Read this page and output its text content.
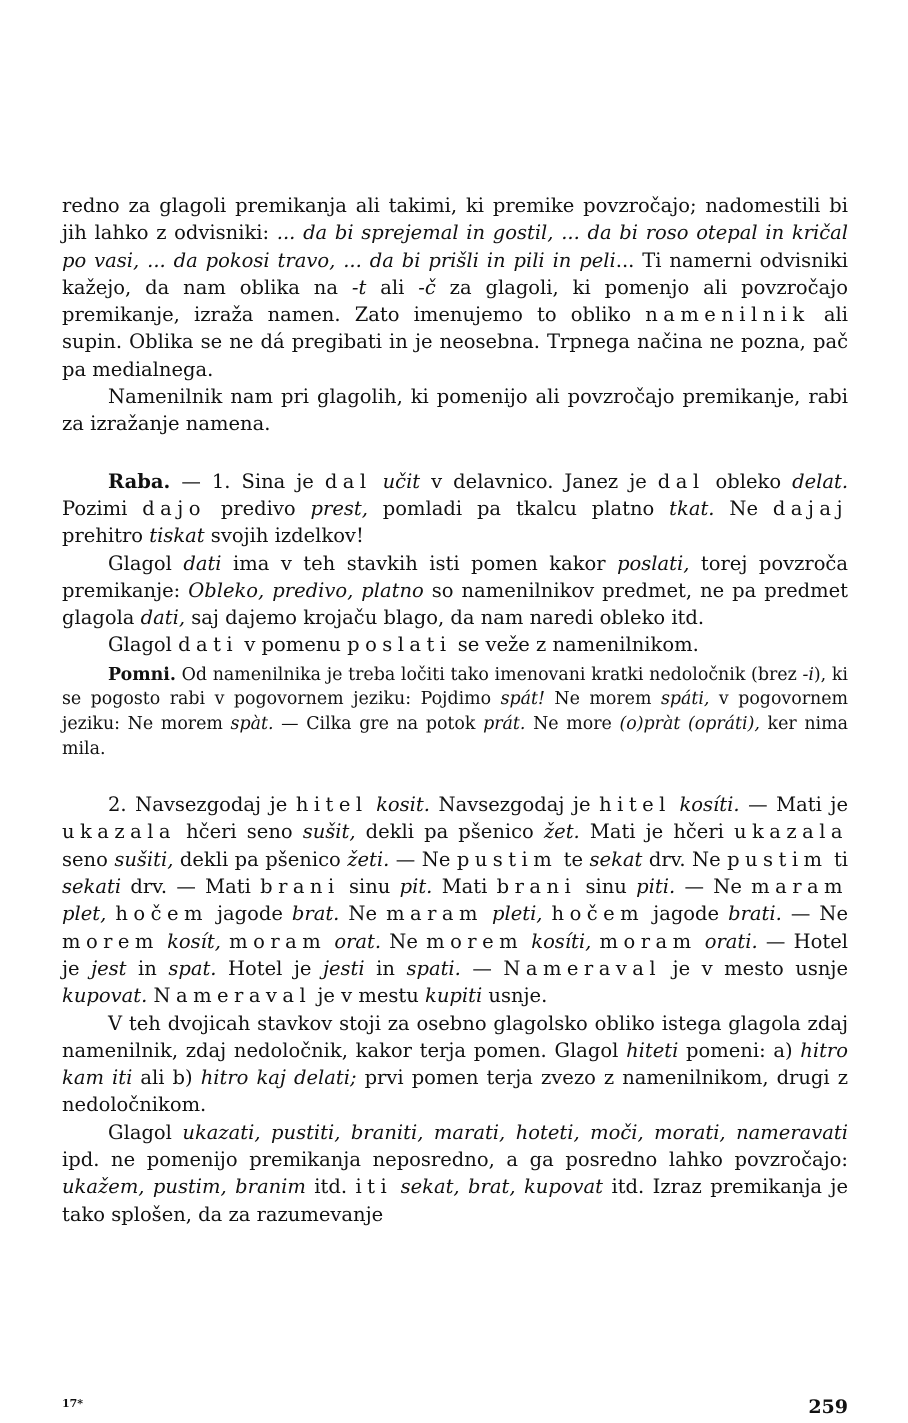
redno za glagoli premikanja ali takimi, ki premike povzročajo; nadomestili bi jih lahko z odvisniki: ... da bi sprejemal in gostil, ... da bi roso otepal in kričal po vasi, ... da pokosi travo, ... da bi prišli in pili in peli... Ti namerni odvisniki kažejo, da nam oblika na -t ali -č za glagoli, ki pomenjo ali povzročajo premikanje, izraža namen. Zato imenujemo to obliko namenilnik ali supin. Oblika se ne dá pregibati in je neosebna. Trpnega načina ne pozna, pač pa medialnega.

Namenilnik nam pri glagolih, ki pomenijo ali povzročajo premikanje, rabi za izražanje namena.

Raba. — 1. Sina je dal učit v delavnico. Janez je dal obleko delat. Pozimi dajo predivo prest, pomladi pa tkalcu platno tkat. Ne dajaj prehitro tiskat svojih izdelkov!

Glagol dati ima v teh stavkih isti pomen kakor poslati, torej povzroča premikanje: Obleko, predivo, platno so namenilnikov predmet, ne pa predmet glagola dati, saj dajemo krojaču blago, da nam naredi obleko itd.

Glagol dati v pomenu poslati se veže z namenilnikom.

Pomni. Od namenilnika je treba ločiti tako imenovani kratki nedoločnik (brez -i), ki se pogosto rabi v pogovornem jeziku: Pojdimo spát! Ne morem spáti, v pogovornem jeziku: Ne morem spàt. — Cilka gre na potok prát. Ne more (o)pràt (opráti), ker nima mila.

2. Navsezgodaj je hitel kosit. Navsezgodaj je hitel kosíti. — Mati je ukazala hčeri seno sušit, dekli pa pšenico žet. Mati je hčeri ukazala seno sušiti, dekli pa pšenico žeti. — Ne pustim te sekat drv. Ne pustim ti sekati drv. — Mati brani sinu pit. Mati brani sinu piti. — Ne maram plet, hočem jagode brat. Ne maram pleti, hočem jagode brati. — Ne morem kosít, moram orat. Ne morem kosíti, moram orati. — Hotel je jest in spat. Hotel je jesti in spati. — Nameraval je v mesto usnje kupovat. Nameraval je v mestu kupiti usnje.

V teh dvojicah stavkov stoji za osebno glagolsko obliko istega glagola zdaj namenilnik, zdaj nedoločnik, kakor terja pomen. Glagol hiteti pomeni: a) hitro kam iti ali b) hitro kaj delati; prvi pomen terja zvezo z namenilnikom, drugi z nedoločnikom.

Glagol ukazati, pustiti, braniti, marati, hoteti, moči, morati, nameravati ipd. ne pomenijo premikanja neposredno, a ga posredno lahko povzročajo: ukažem, pustim, branim itd. iti sekat, brat, kupovat itd. Izraz premikanja je tako splošen, da za razumevanje

17*	259
